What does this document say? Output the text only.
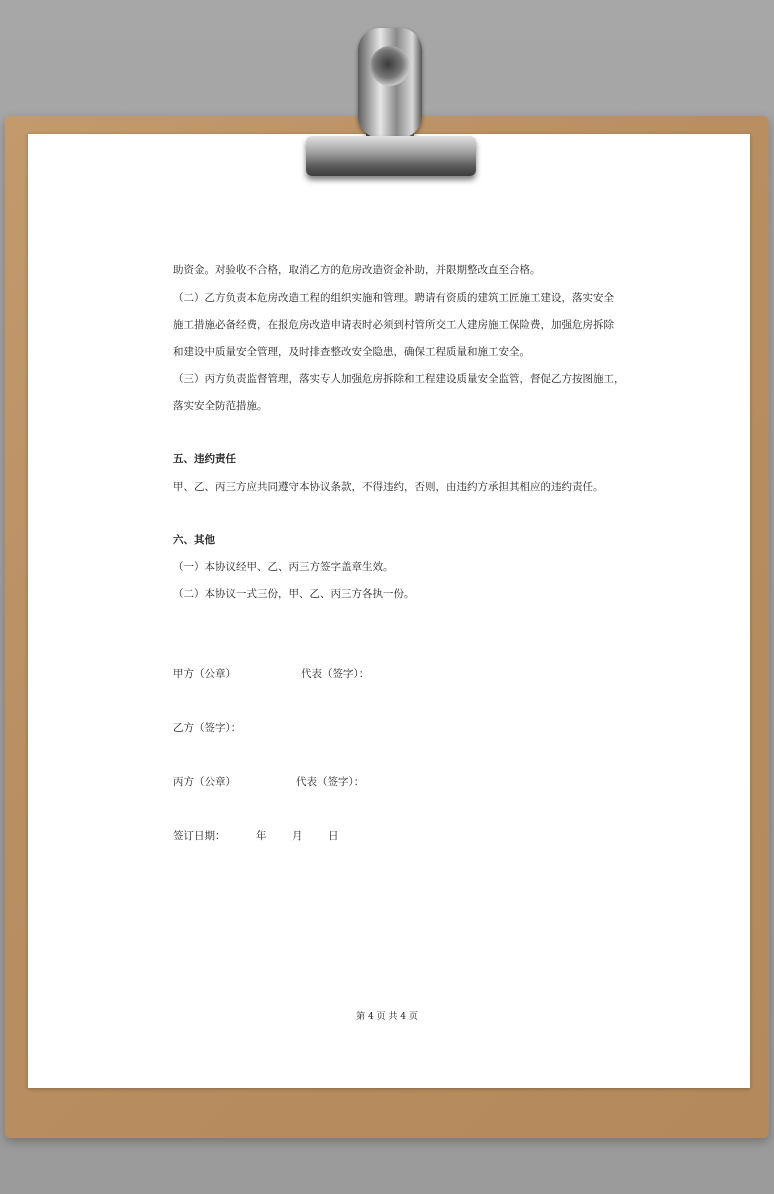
助资金。对验收不合格，取消乙方的危房改造资金补助，并限期整改直至合格。
（二）乙方负责本危房改造工程的组织实施和管理。聘请有资质的建筑工匠施工建设，落实安全
施工措施必备经费，在报危房改造申请表时必须到村管所交工人建房施工保险费，加强危房拆除
和建设中质量安全管理，及时排查整改安全隐患，确保工程质量和施工安全。
（三）丙方负责监督管理，落实专人加强危房拆除和工程建设质量安全监管，督促乙方按图施工，
落实安全防范措施。
五、违约责任
甲、乙、丙三方应共同遵守本协议条款，不得违约，否则，由违约方承担其相应的违约责任。
六、其他
（一）本协议经甲、乙、丙三方签字盖章生效。
（二）本协议一式三份，甲、乙、丙三方各执一份。
甲方（公章）	代表（签字）：
乙方（签字）：
丙方（公章）	代表（签字）：
签订日期：	年 月 日
第 4 页 共 4 页
